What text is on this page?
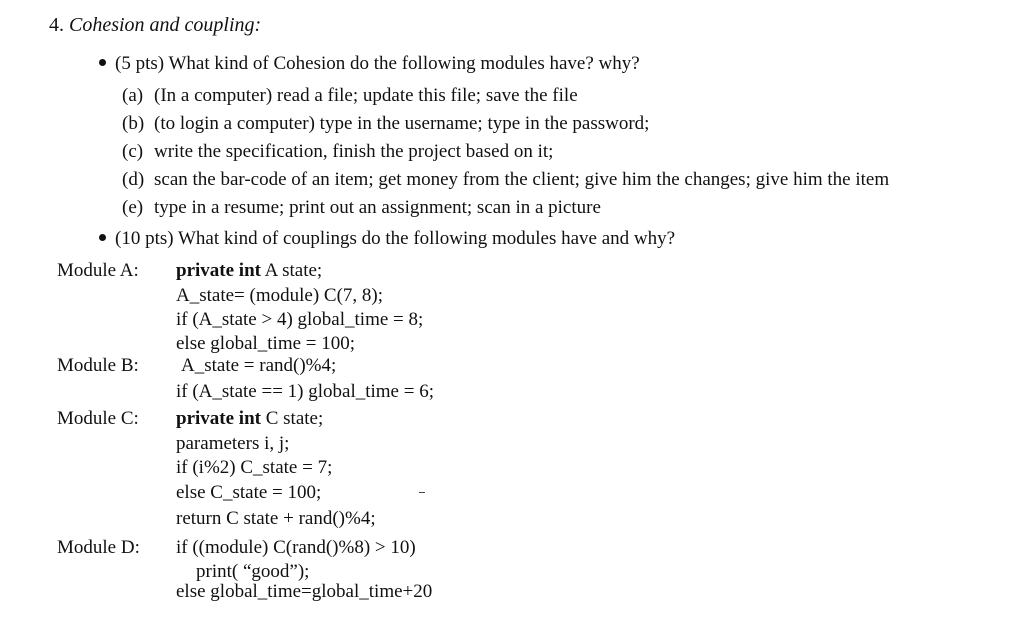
4. Cohesion and coupling:
(5 pts) What kind of Cohesion do the following modules have? why?
(a) (In a computer) read a file; update this file; save the file
(b) (to login a computer) type in the username; type in the password;
(c) write the specification, finish the project based on it;
(d) scan the bar-code of an item; get money from the client; give him the changes; give him the item
(e) type in a resume; print out an assignment; scan in a picture
(10 pts) What kind of couplings do the following modules have and why?
Module A: private int A state;
A_state= (module) C(7, 8);
if (A_state > 4) global_time = 8;
else global_time = 100;
Module B: A_state = rand()%4;
if (A_state == 1) global_time = 6;
Module C: private int C state;
parameters i, j;
if (i%2) C_state = 7;
else C_state = 100;
return C state + rand()%4;
Module D: if ((module) C(rand()%8) > 10)
print( “good”);
else global_time=global_time+20
